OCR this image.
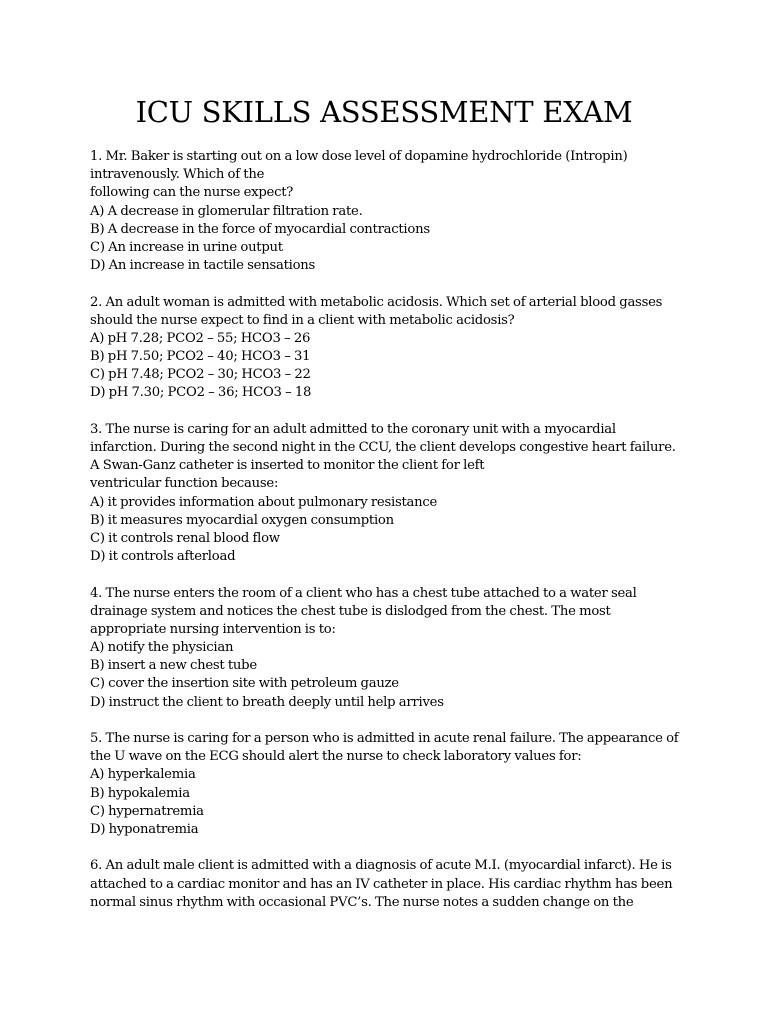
ICU SKILLS ASSESSMENT EXAM
1. Mr. Baker is starting out on a low dose level of dopamine hydrochloride (Intropin)
intravenously. Which of the
following can the nurse expect?
A) A decrease in glomerular filtration rate.
B) A decrease in the force of myocardial contractions
C) An increase in urine output
D) An increase in tactile sensations
2. An adult woman is admitted with metabolic acidosis. Which set of arterial blood gasses
should the nurse expect to find in a client with metabolic acidosis?
A) pH 7.28; PCO2 – 55; HCO3 – 26
B) pH 7.50; PCO2 – 40; HCO3 – 31
C) pH 7.48; PCO2 – 30; HCO3 – 22
D) pH 7.30; PCO2 – 36; HCO3 – 18
3. The nurse is caring for an adult admitted to the coronary unit with a myocardial
infarction. During the second night in the CCU, the client develops congestive heart failure.
A Swan-Ganz catheter is inserted to monitor the client for left
ventricular function because:
A) it provides information about pulmonary resistance
B) it measures myocardial oxygen consumption
C) it controls renal blood flow
D) it controls afterload
4. The nurse enters the room of a client who has a chest tube attached to a water seal
drainage system and notices the chest tube is dislodged from the chest. The most
appropriate nursing intervention is to:
A) notify the physician
B) insert a new chest tube
C) cover the insertion site with petroleum gauze
D) instruct the client to breath deeply until help arrives
5. The nurse is caring for a person who is admitted in acute renal failure. The appearance of
the U wave on the ECG should alert the nurse to check laboratory values for:
A) hyperkalemia
B) hypokalemia
C) hypernatremia
D) hyponatremia
6. An adult male client is admitted with a diagnosis of acute M.I. (myocardial infarct). He is
attached to a cardiac monitor and has an IV catheter in place. His cardiac rhythm has been
normal sinus rhythm with occasional PVC’s. The nurse notes a sudden change on the
